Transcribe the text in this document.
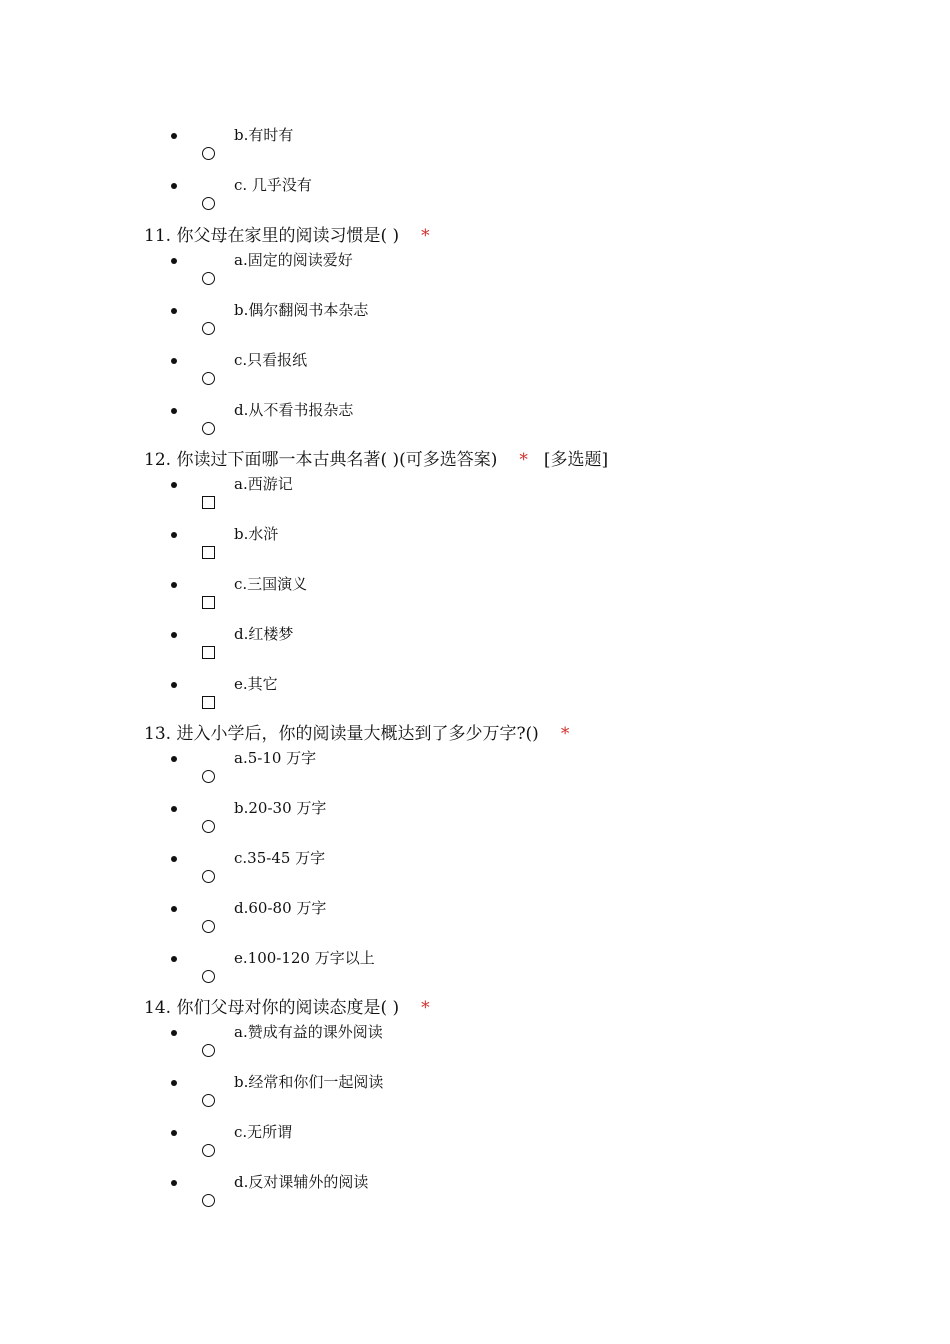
b.有时有
c. 几乎没有
11. 你父母在家里的阅读习惯是( ) *
a.固定的阅读爱好
b.偶尔翻阅书本杂志
c.只看报纸
d.从不看书报杂志
12. 你读过下面哪一本古典名著( )(可多选答案) * [多选题]
a.西游记
b.水浒
c.三国演义
d.红楼梦
e.其它
13. 进入小学后，你的阅读量大概达到了多少万字?() *
a.5-10 万字
b.20-30 万字
c.35-45 万字
d.60-80 万字
e.100-120 万字以上
14. 你们父母对你的阅读态度是( ) *
a.赞成有益的课外阅读
b.经常和你们一起阅读
c.无所谓
d.反对课辅外的阅读
